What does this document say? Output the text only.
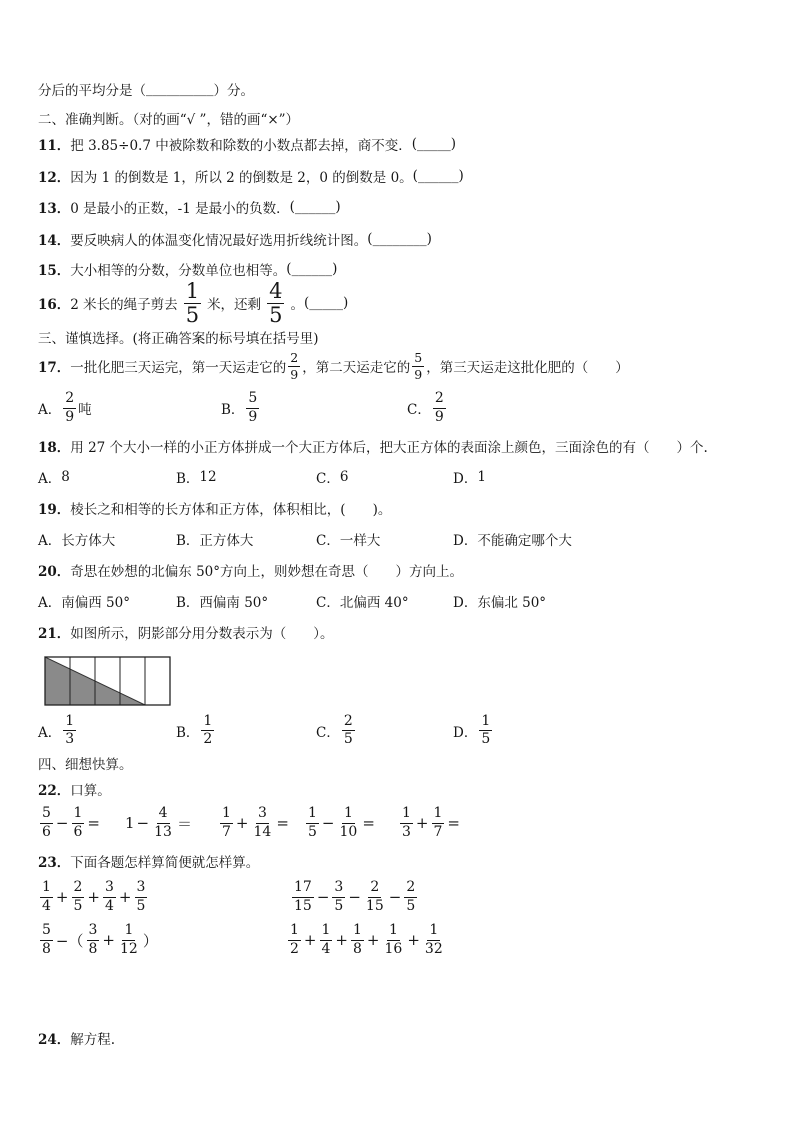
分后的平均分是（ __________ ）分。
二、准确判断。（对的画“√ ”，错的画“×”）
11． 把 3.85÷0.7 中被除数和除数的小数点都去掉，商不变． (_____)
12． 因为 1 的倒数是 1，所以 2 的倒数是 2，0 的倒数是 0。 (______)
13． 0 是最小的正数，-1 是最小的负数． (______)
14． 要反映病人的体温变化情况最好选用折线统计图。 (________)
15． 大小相等的分数，分数单位也相等。 (______)
16． 2 米长的绳子剪去 $\frac{1}{5}$ 米，还剩 $\frac{4}{5}$ 。 (_____)
三、谨慎选择。(将正确答案的标号填在括号里)
17． 一批化肥三天运完，第一天运走它的 $\frac{2}{9}$ ，第二天运走它的 $\frac{5}{9}$ ，第三天运走这批化肥的（　　）
A． $\frac{2}{9}$ 吨	B． $\frac{5}{9}$	C． $\frac{2}{9}$
18． 用 27 个大小一样的小正方体拼成一个大正方体后，把大正方体的表面涂上颜色，三面涂色的有（　　）个.
A． 8	B． 12	C． 6	D． 1
19． 棱长之和相等的长方体和正方体，体积相比，(　　)。
A． 长方体大	B． 正方体大	C． 一样大	D． 不能确定哪个大
20． 奇思在妙想的北偏东 50°方向上，则妙想在奇思（　　）方向上。
A． 南偏西 50°	B． 西偏南 50°	C． 北偏西 40°	D． 东偏北 50°
21． 如图所示，阴影部分用分数表示为（　　）。
A． $\frac{1}{3}$	B． $\frac{1}{2}$	C． $\frac{2}{5}$	D． $\frac{1}{5}$
四、细想快算。
22． 口算。
$\frac{5}{6} - \frac{1}{6} = 1 - \frac{4}{13} = \frac{1}{7} + \frac{3}{14} = \frac{1}{5} - \frac{1}{10} = \frac{1}{3} + \frac{1}{7}$ =
23． 下面各题怎样算简便就怎样算。
$\frac{1}{4} + \frac{2}{5} + \frac{3}{4} + \frac{3}{5}$	$\frac{17}{15} - \frac{3}{5} - \frac{2}{15} - \frac{2}{5}$
$\frac{5}{8}$ −（ $\frac{3}{8} + \frac{1}{12}$ ）	$\frac{1}{2} + \frac{1}{4} + \frac{1}{8} + \frac{1}{16} + \frac{1}{32}$
24． 解方程.
